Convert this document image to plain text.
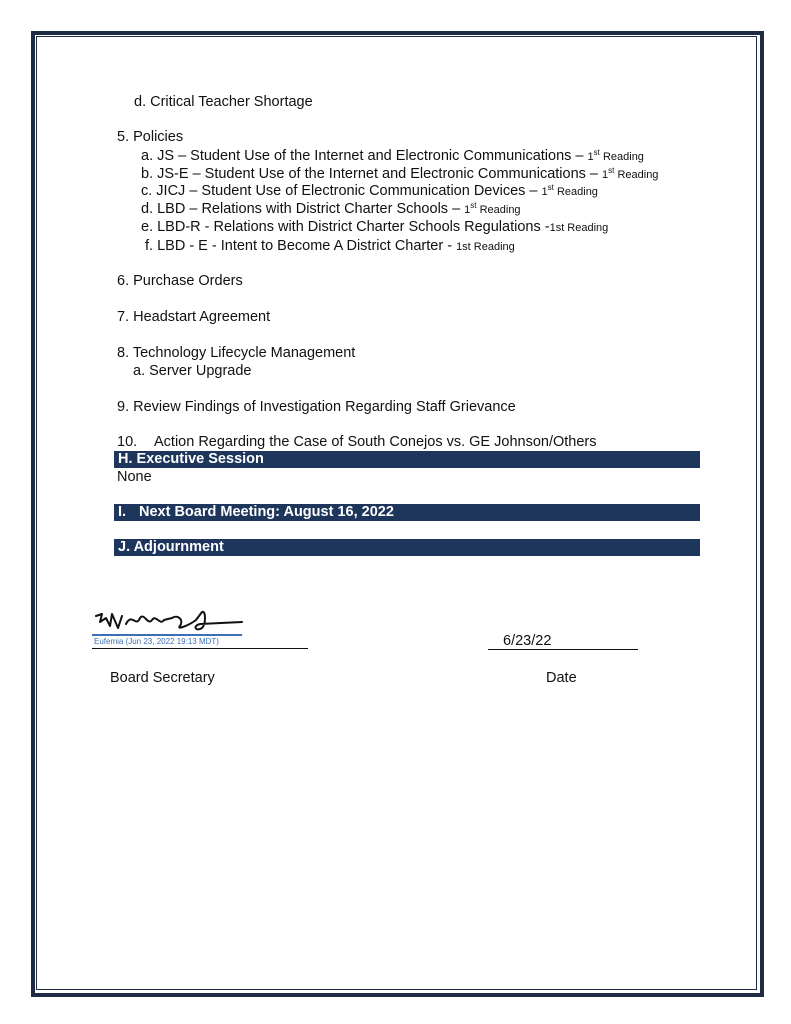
d. Critical Teacher Shortage
5. Policies
a. JS – Student Use of the Internet and Electronic Communications – 1st Reading
b. JS-E – Student Use of the Internet and Electronic Communications – 1st Reading
c. JICJ – Student Use of Electronic Communication Devices – 1st Reading
d. LBD – Relations with District Charter Schools – 1st Reading
e. LBD-R - Relations with District Charter Schools Regulations -1st Reading
f. LBD - E - Intent to Become A District Charter - 1st Reading
6. Purchase Orders
7. Headstart Agreement
8. Technology Lifecycle Management
a. Server Upgrade
9. Review Findings of Investigation Regarding Staff Grievance
10. Action Regarding the Case of South Conejos vs. GE Johnson/Others
H. Executive Session
None
I. Next Board Meeting: August 16, 2022
J. Adjournment
Eufemia (Jun 23, 2022 19:13 MDT)	6/23/22
Board Secretary	Date
